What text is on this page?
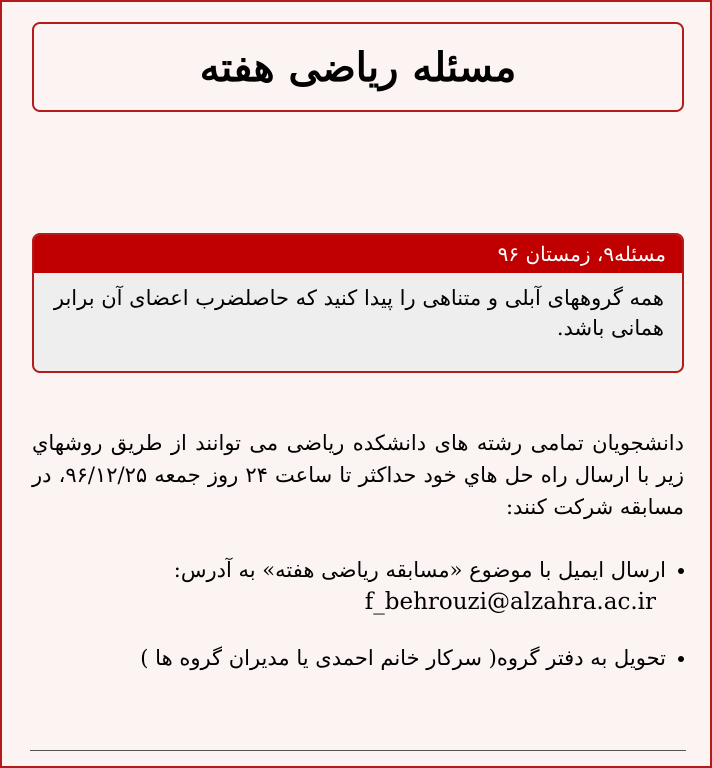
مسئله ریاضی هفته
مسئله۹، زمستان ۹۶
همه گروههای آبلی و متناهی را پیدا کنید که حاصلضرب اعضای آن برابر همانی باشد.
دانشجویان تمامی رشته های دانشکده ریاضی می توانند از طریق روشهاي زیر با ارسال راه حل هاي خود حداکثر تا ساعت ۲۴ روز جمعه ۹۶/۱۲/۲۵، در مسابقه شرکت کنند:
ارسال ایمیل با موضوع «مسابقه ریاضی هفته» به آدرس:
f_behrouzi@alzahra.ac.ir
تحویل به دفتر گروه( سرکار خانم احمدی یا مدیران گروه ها )
